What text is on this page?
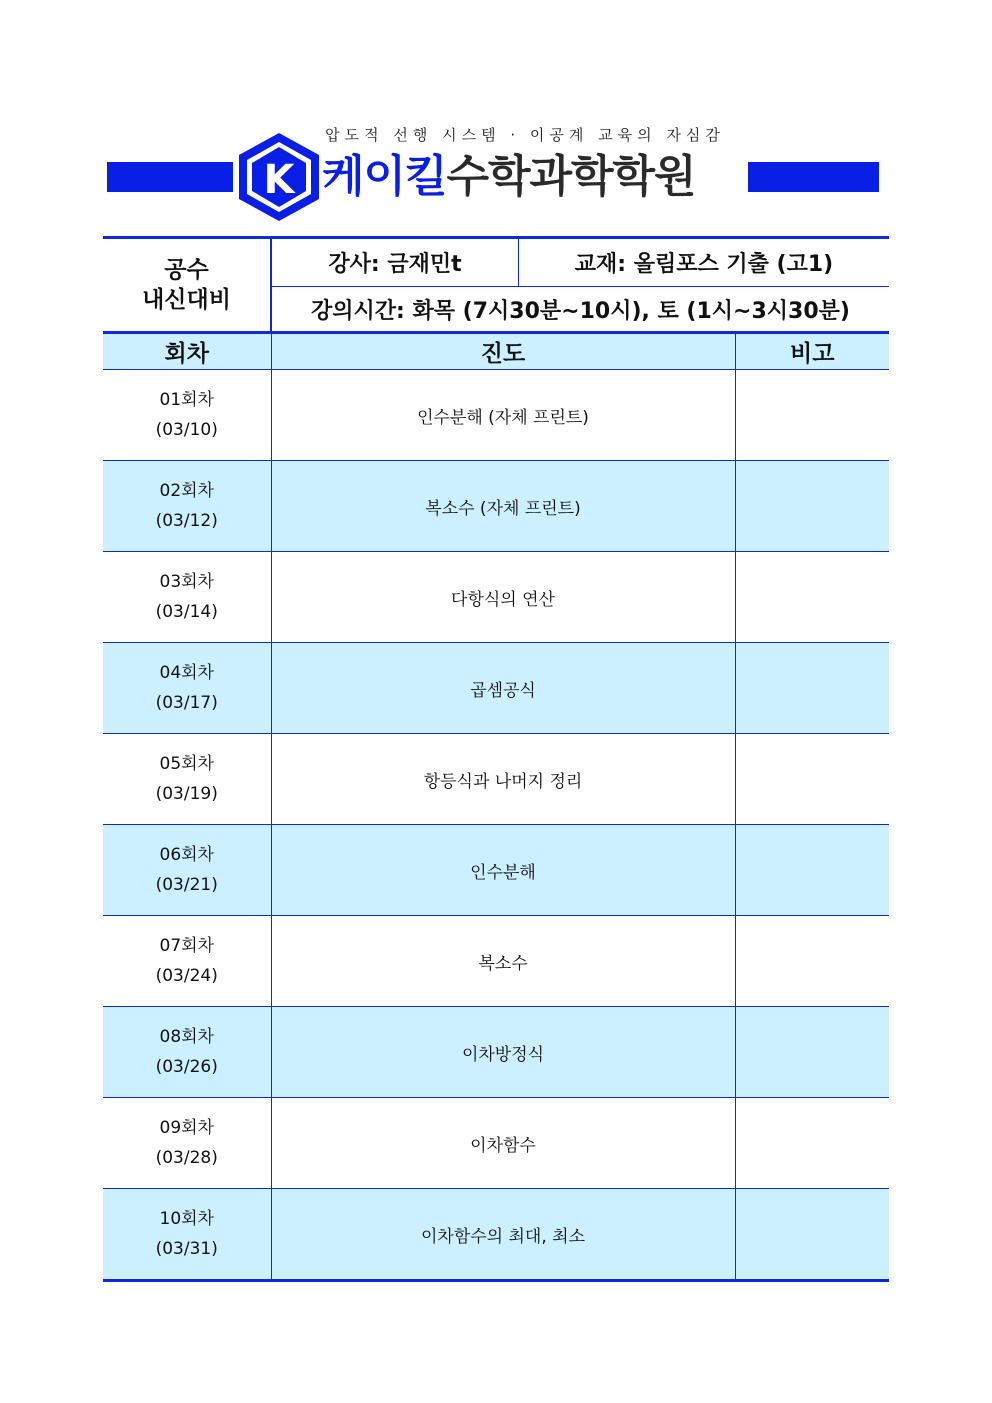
압도적 선행 시스템 · 이공계 교육의 자심감
K 케이킬수학과학학원
공수
내신대비
강사: 금재민t	교재: 올림포스 기출 (고1)
강의시간: 화목 (7시30분~10시), 토 (1시~3시30분)
회차	진도	비고

01회차
(03/10)	인수분해 (자체 프린트)	

02회차
(03/12)	복소수 (자체 프린트)	

03회차
(03/14)	다항식의 연산	

04회차
(03/17)	곱셈공식	

05회차
(03/19)	항등식과 나머지 정리	

06회차
(03/21)	인수분해	

07회차
(03/24)	복소수	

08회차
(03/26)	이차방정식	

09회차
(03/28)	이차함수	

10회차
(03/31)	이차함수의 최대, 최소	
